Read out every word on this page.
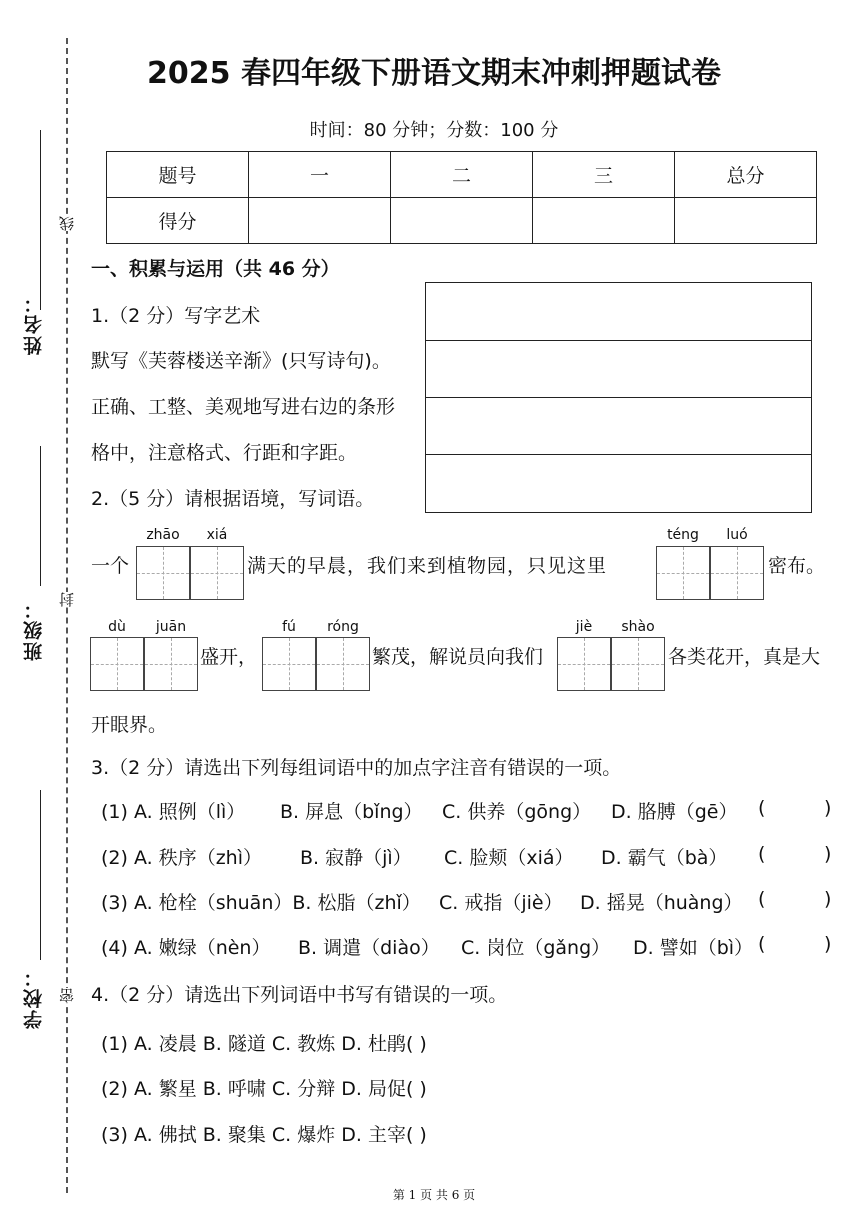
姓名：
班级：
学校：
线
封
密
2025 春四年级下册语文期末冲刺押题试卷
时间：80 分钟；分数：100 分
题号	一	二	三	总分
得分				
一、积累与运用（共 46 分）
1.（2 分）写字艺术
默写《芙蓉楼送辛渐》(只写诗句)。
正确、工整、美观地写进右边的条形
格中，注意格式、行距和字距。
2.（5 分）请根据语境，写词语。
zhāo	xiá	téng	luó
一个	满天的早晨，我们来到植物园，只见这里	密布。
dù	juān	fú	róng	jiè	shào
盛开，	繁茂，解说员向我们	各类花开，真是大
开眼界。
3.（2 分）请选出下列每组词语中的加点字注音有错误的一项。
(1) A. 照例（lì） B. 屏息（bǐng） C. 供养（gōng） D. 胳膊（gē） (	)
(2) A. 秩序（zhì） B. 寂静（jì） C. 脸颊（xiá） D. 霸气（bà） (	)
(3) A. 枪栓（shuān）B. 松脂（zhǐ） C. 戒指（jiè） D. 摇晃（huàng） (	)
(4) A. 嫩绿（nèn） B. 调遣（diào） C. 岗位（gǎng） D. 譬如（bì） (	)
4.（2 分）请选出下列词语中书写有错误的一项。
(1) A. 凌晨 B. 隧道 C. 教炼 D. 杜鹃( )
(2) A. 繁星 B. 呼啸 C. 分辩 D. 局促( )
(3) A. 佛拭 B. 聚集 C. 爆炸 D. 主宰( )
第 1 页 共 6 页
